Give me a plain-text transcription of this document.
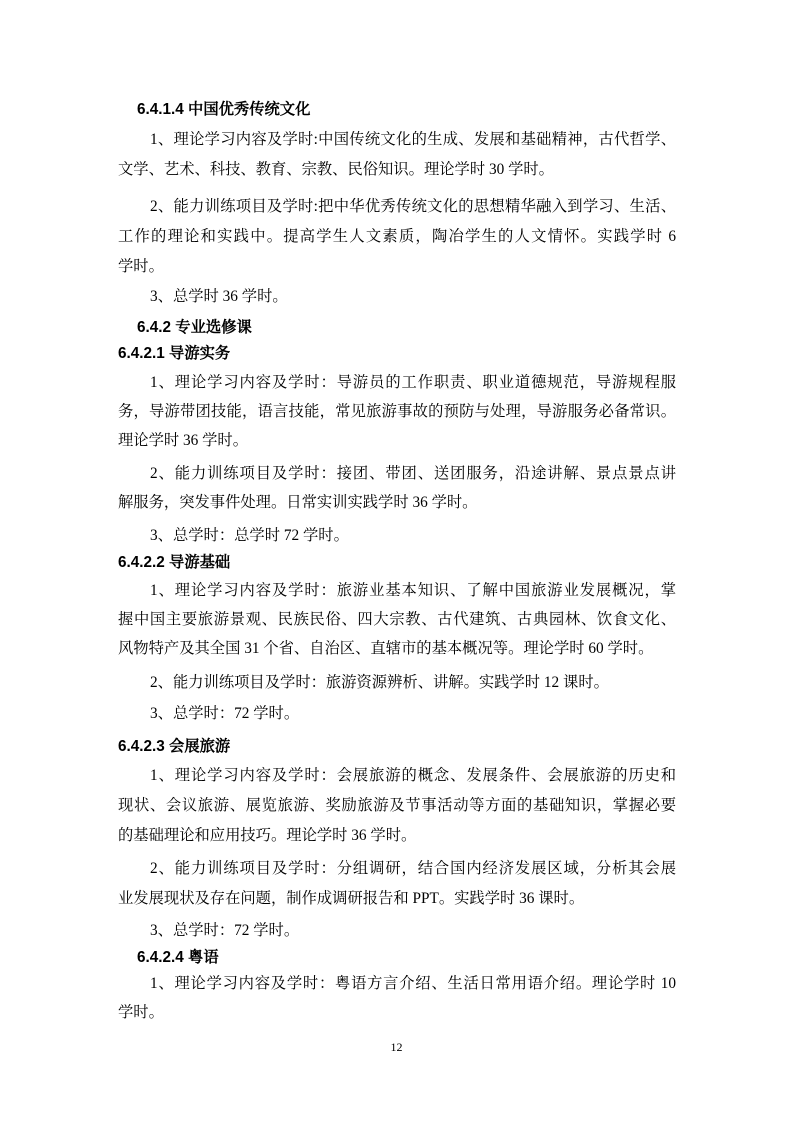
6.4.1.4 中国优秀传统文化
1、理论学习内容及学时:中国传统文化的生成、发展和基础精神，古代哲学、
文学、艺术、科技、教育、宗教、民俗知识。理论学时 30 学时。
2、能力训练项目及学时:把中华优秀传统文化的思想精华融入到学习、生活、
工作的理论和实践中。提高学生人文素质，陶冶学生的人文情怀。实践学时 6
学时。
3、总学时 36 学时。
6.4.2 专业选修课
6.4.2.1 导游实务
1、理论学习内容及学时：导游员的工作职责、职业道德规范，导游规程服
务，导游带团技能，语言技能，常见旅游事故的预防与处理，导游服务必备常识。
理论学时 36 学时。
2、能力训练项目及学时：接团、带团、送团服务，沿途讲解、景点景点讲
解服务，突发事件处理。日常实训实践学时 36 学时。
3、总学时：总学时 72 学时。
6.4.2.2 导游基础
1、理论学习内容及学时：旅游业基本知识、了解中国旅游业发展概况，掌
握中国主要旅游景观、民族民俗、四大宗教、古代建筑、古典园林、饮食文化、
风物特产及其全国 31 个省、自治区、直辖市的基本概况等。理论学时 60 学时。
2、能力训练项目及学时：旅游资源辨析、讲解。实践学时 12 课时。
3、总学时：72 学时。
6.4.2.3 会展旅游
1、理论学习内容及学时：会展旅游的概念、发展条件、会展旅游的历史和
现状、会议旅游、展览旅游、奖励旅游及节事活动等方面的基础知识，掌握必要
的基础理论和应用技巧。理论学时 36 学时。
2、能力训练项目及学时：分组调研，结合国内经济发展区域，分析其会展
业发展现状及存在问题，制作成调研报告和 PPT。实践学时 36 课时。
3、总学时：72 学时。
6.4.2.4 粤语
1、理论学习内容及学时：粤语方言介绍、生活日常用语介绍。理论学时 10
学时。
12
